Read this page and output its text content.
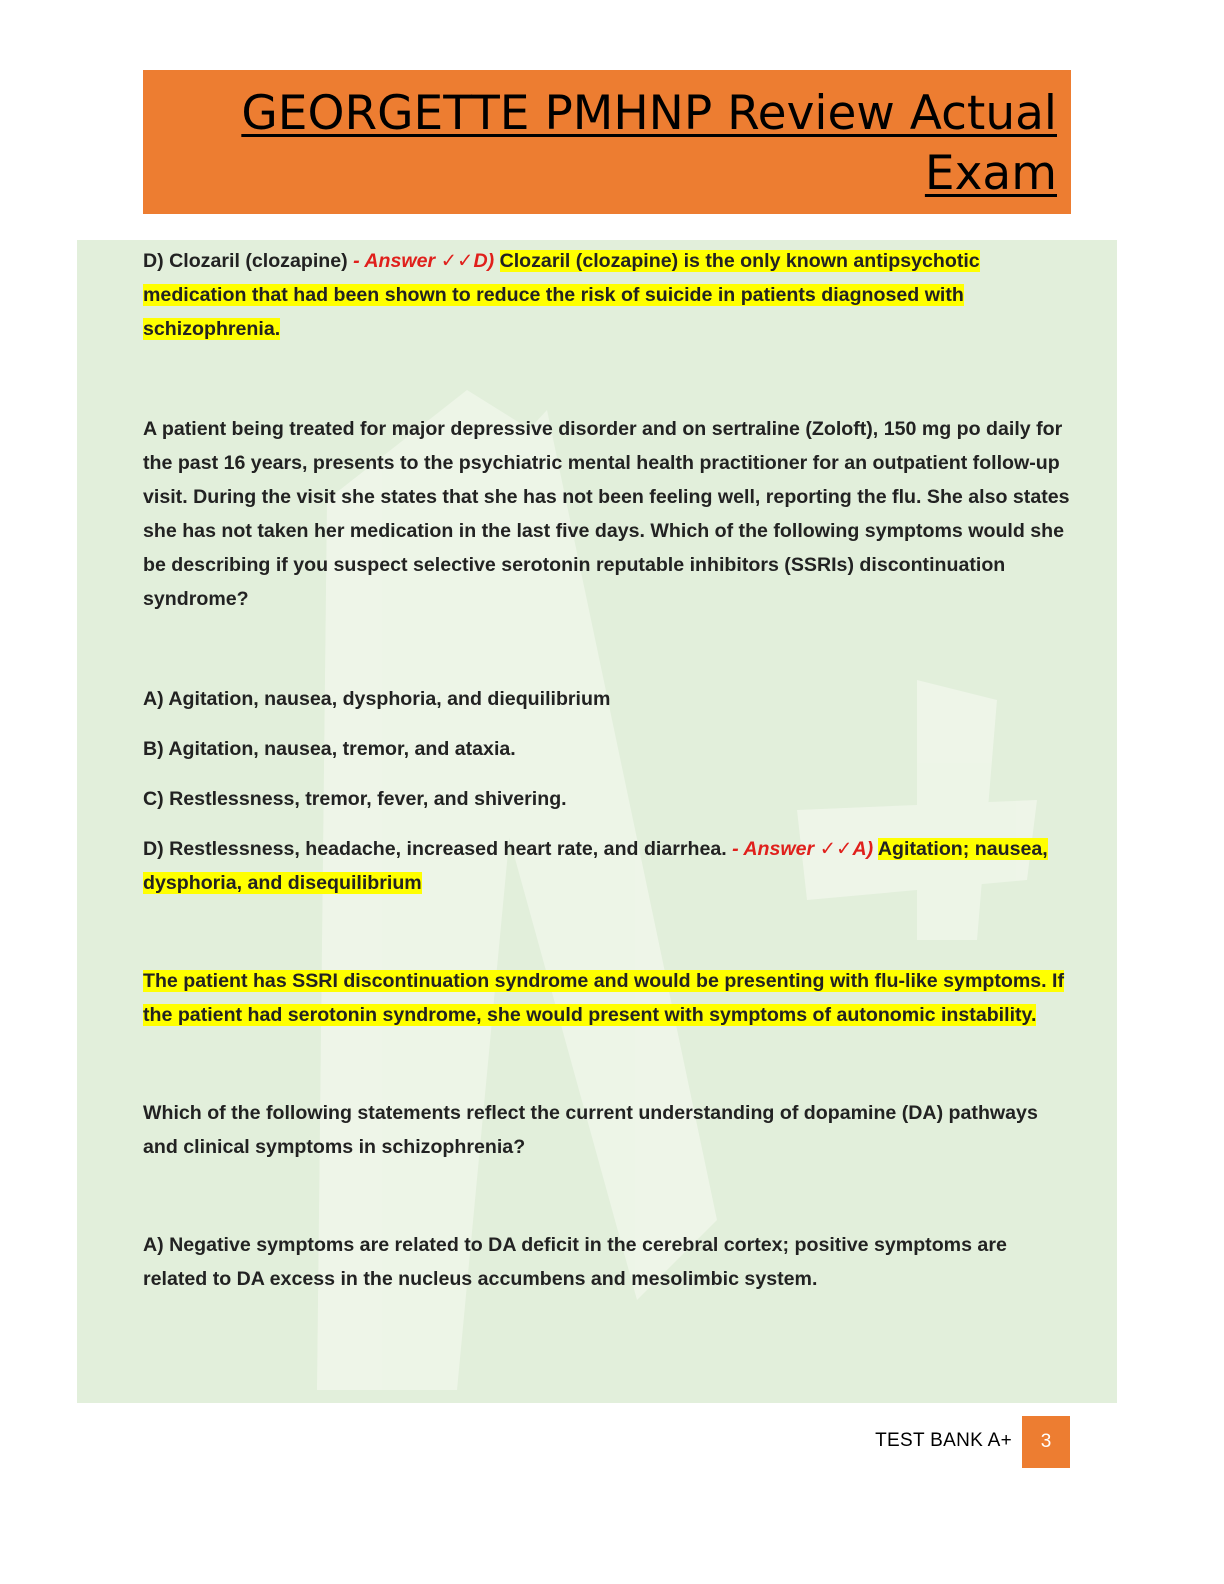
GEORGETTE PMHNP Review Actual Exam

D) Clozaril (clozapine) - Answer ✓✓D) Clozaril (clozapine) is the only known antipsychotic medication that had been shown to reduce the risk of suicide in patients diagnosed with schizophrenia.

A patient being treated for major depressive disorder and on sertraline (Zoloft), 150 mg po daily for the past 16 years, presents to the psychiatric mental health practitioner for an outpatient follow-up visit. During the visit she states that she has not been feeling well, reporting the flu. She also states she has not taken her medication in the last five days. Which of the following symptoms would she be describing if you suspect selective serotonin reputable inhibitors (SSRIs) discontinuation syndrome?

A) Agitation, nausea, dysphoria, and diequilibrium

B) Agitation, nausea, tremor, and ataxia.

C) Restlessness, tremor, fever, and shivering.

D) Restlessness, headache, increased heart rate, and diarrhea. - Answer ✓✓A) Agitation; nausea, dysphoria, and disequilibrium

The patient has SSRI discontinuation syndrome and would be presenting with flu-like symptoms. If the patient had serotonin syndrome, she would present with symptoms of autonomic instability.

Which of the following statements reflect the current understanding of dopamine (DA) pathways and clinical symptoms in schizophrenia?

A) Negative symptoms are related to DA deficit in the cerebral cortex; positive symptoms are related to DA excess in the nucleus accumbens and mesolimbic system.

TEST BANK A+	3
